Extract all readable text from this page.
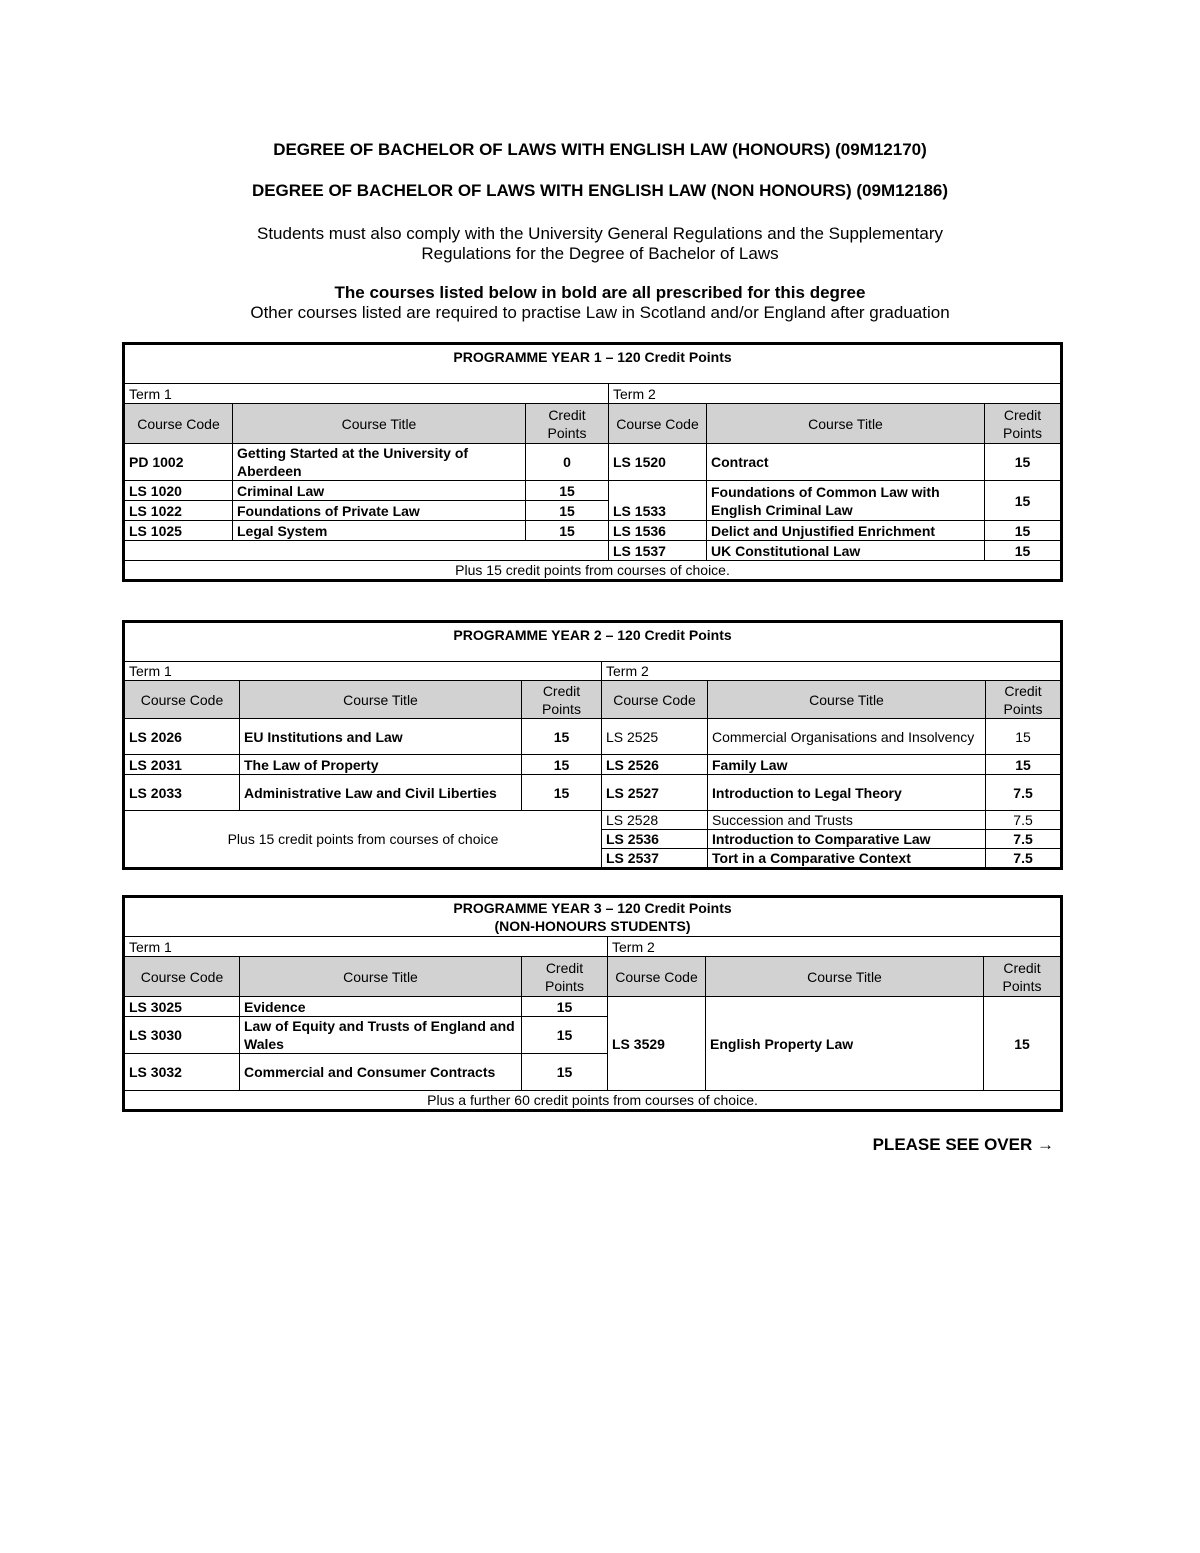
DEGREE OF BACHELOR OF LAWS WITH ENGLISH LAW (HONOURS) (09M12170)
DEGREE OF BACHELOR OF LAWS WITH ENGLISH LAW (NON HONOURS) (09M12186)
Students must also comply with the University General Regulations and the Supplementary
Regulations for the Degree of Bachelor of Laws
The courses listed below in bold are all prescribed for this degree
Other courses listed are required to practise Law in Scotland and/or England after graduation
PROGRAMME YEAR 1 – 120 Credit Points					
Term 1			Term 2		
Course Code	Course Title	Credit Points	Course Code	Course Title	Credit Points
PD 1002	Getting Started at the University of Aberdeen	0	LS 1520	Contract	15
LS 1020	Criminal Law	15	LS 1533	Foundations of Common Law with English Criminal Law	15
LS 1022	Foundations of Private Law	15			
LS 1025	Legal System	15	LS 1536	Delict and Unjustified Enrichment	15
			LS 1537	UK Constitutional Law	15
Plus 15 credit points from courses of choice.					
PROGRAMME YEAR 2 – 120 Credit Points					
Term 1			Term 2		
Course Code	Course Title	Credit Points	Course Code	Course Title	Credit Points
LS 2026	EU Institutions and Law	15	LS 2525	Commercial Organisations and Insolvency	15
LS 2031	The Law of Property	15	LS 2526	Family Law	15
LS 2033	Administrative Law and Civil Liberties	15	LS 2527	Introduction to Legal Theory	7.5
Plus 15 credit points from courses of choice			LS 2528	Succession and Trusts	7.5
			LS 2536	Introduction to Comparative Law	7.5
			LS 2537	Tort in a Comparative Context	7.5
PROGRAMME YEAR 3 – 120 Credit Points
(NON-HONOURS STUDENTS)					

Term 1			Term 2		
Course Code	Course Title	Credit Points	Course Code	Course Title	Credit Points
LS 3025	Evidence	15	LS 3529	English Property Law	15
LS 3030	Law of Equity and Trusts of England and Wales	15			
LS 3032	Commercial and Consumer Contracts	15			
Plus a further 60 credit points from courses of choice.					
PLEASE SEE OVER →
